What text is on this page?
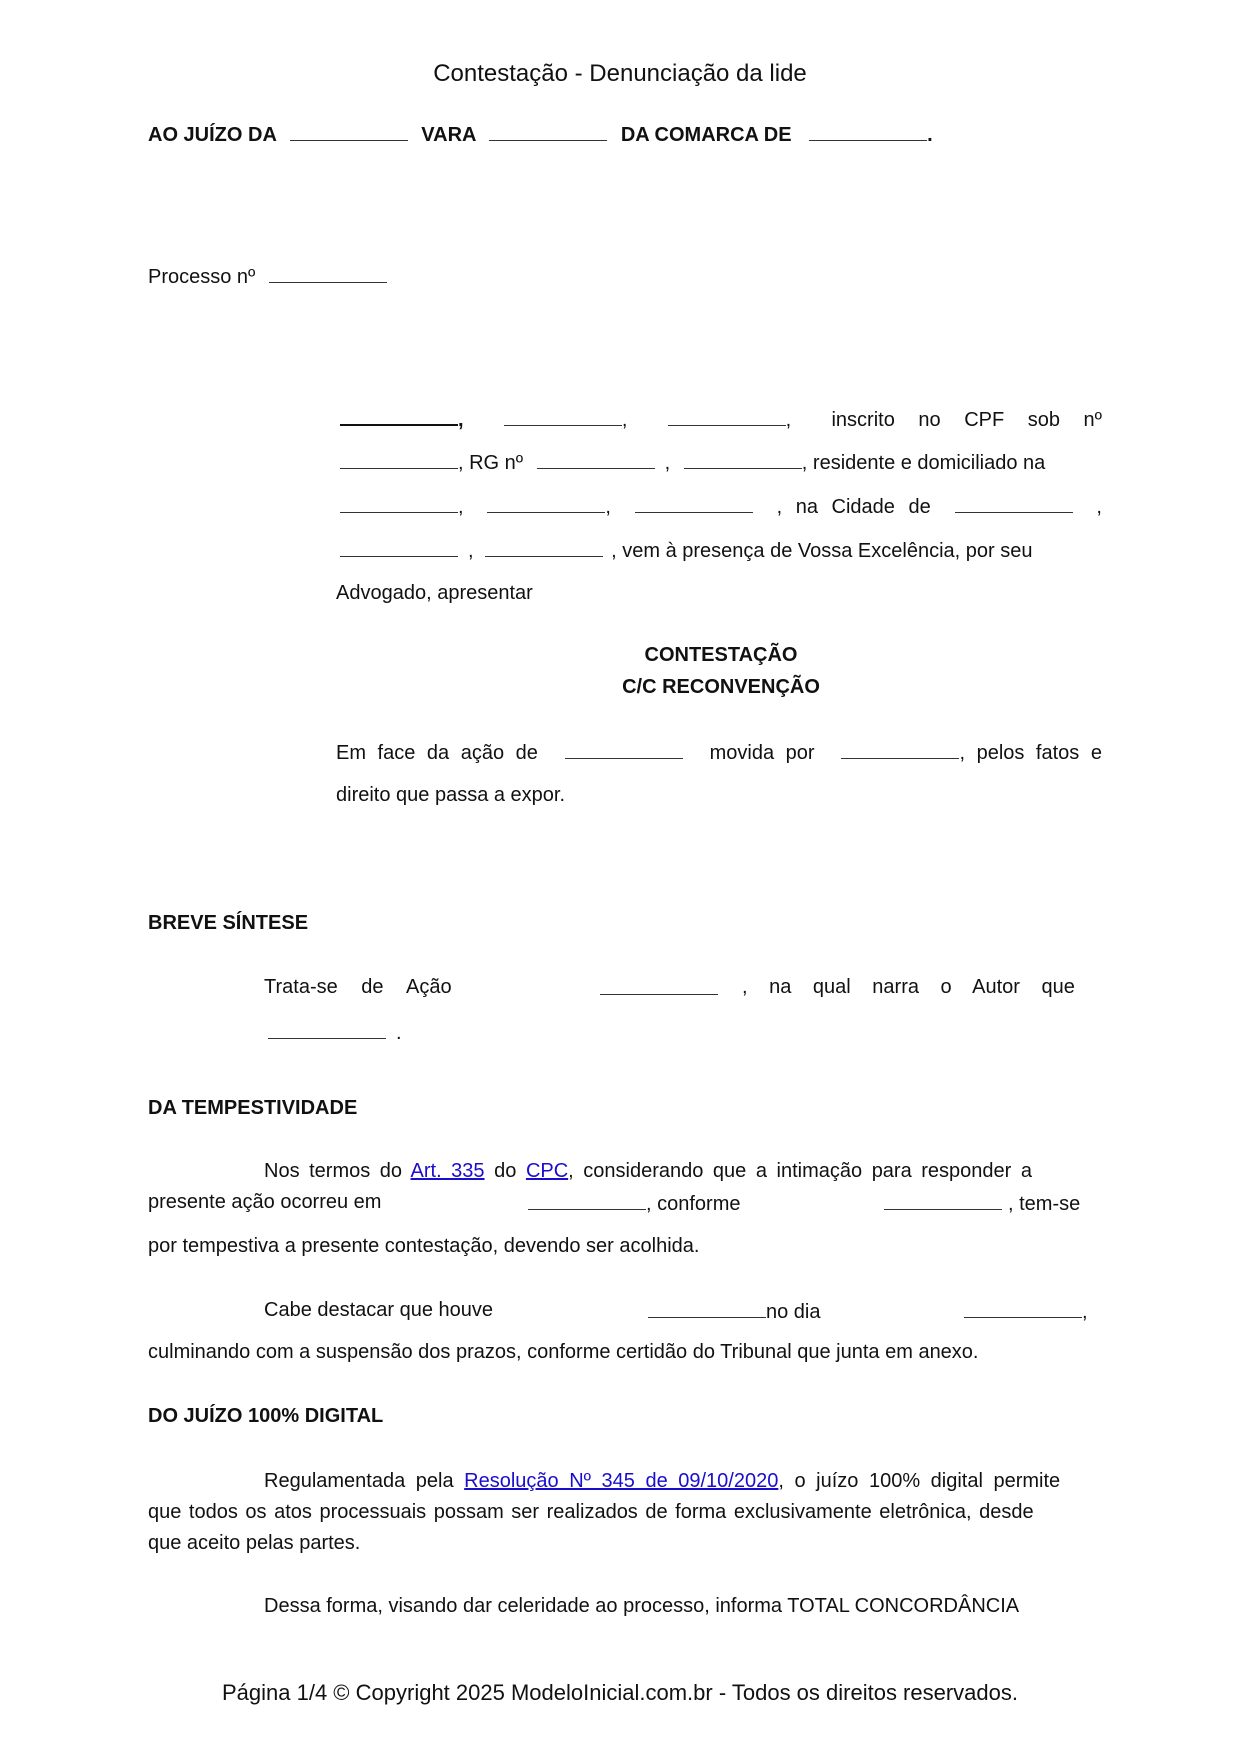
Contestação - Denunciação da lide
AO JUÍZO DA	VARA	DA COMARCA DE	.
Processo nº
,	,	, inscrito no CPF sob nº
, RG nº	,	, residente e domiciliado na
,	,	, na Cidade de	,
,	, vem à presença de Vossa Excelência, por seu
Advogado, apresentar
CONTESTAÇÃO
C/C RECONVENÇÃO
Em face da ação de	movida por	, pelos fatos e
direito que passa a expor.
BREVE SÍNTESE
Trata-se de Ação	, na qual narra o Autor que
.
DA TEMPESTIVIDADE
Nos termos do Art. 335 do CPC, considerando que a intimação para responder a
presente ação ocorreu em	, conforme	, tem-se
por tempestiva a presente contestação, devendo ser acolhida.
Cabe destacar que houve	no dia	,
culminando com a suspensão dos prazos, conforme certidão do Tribunal que junta em anexo.
DO JUÍZO 100% DIGITAL
Regulamentada pela Resolução Nº 345 de 09/10/2020, o juízo 100% digital permite
que todos os atos processuais possam ser realizados de forma exclusivamente eletrônica, desde
que aceito pelas partes.
Dessa forma, visando dar celeridade ao processo, informa TOTAL CONCORDÂNCIA
Página 1/4 © Copyright 2025 ModeloInicial.com.br - Todos os direitos reservados.
